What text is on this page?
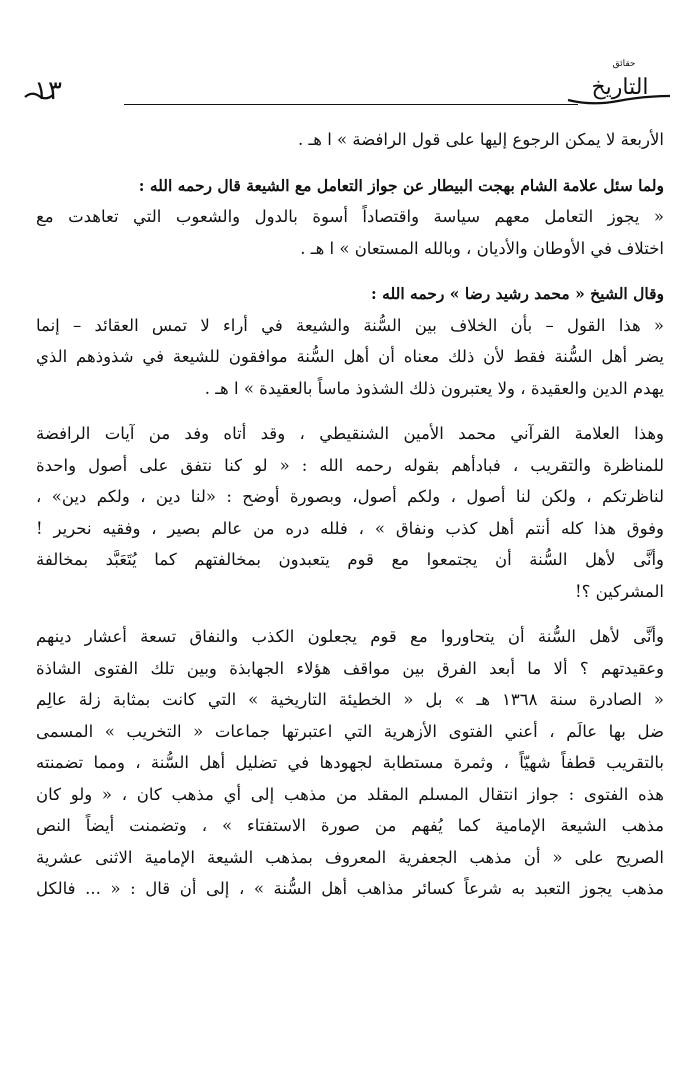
١٣
حقائق
التاريخ
الأربعة لا يمكن الرجوع إليها على قول الرافضة » ا هـ .
ولما سئل علامة الشام بهجت البيطار عن جواز التعامل مع الشيعة قال رحمه الله :
« يجوز التعامل معهم سياسة واقتصاداً أسوة بالدول والشعوب التي تعاهدت مع
اختلاف في الأوطان والأديان ، وبالله المستعان » ا هـ .
وقال الشيخ « محمد رشيد رضا » رحمه الله :
« هذا القول – بأن الخلاف بين السُّنة والشيعة في أراء لا تمس العقائد – إنما
يضر أهل السُّنة فقط لأن ذلك معناه أن أهل السُّنة موافقون للشيعة في شذوذهم الذي
يهدم الدين والعقيدة ، ولا يعتبرون ذلك الشذوذ ماساً بالعقيدة » ا هـ .
وهذا العلامة القرآني محمد الأمين الشنقيطي ، وقد أتاه وفد من آيات الرافضة
للمناظرة والتقريب ، فبادأهم بقوله رحمه الله : « لو كنا نتفق على أصول واحدة
لناظرتكم ، ولكن لنا أصول ، ولكم أصول، وبصورة أوضح : «لنا دين ، ولكم دين» ،
وفوق هذا كله أنتم أهل كذب ونفاق » ، فلله دره من عالم بصير ، وفقيه نحرير !
وأنَّى لأهل السُّنة أن يجتمعوا مع قوم يتعبدون بمخالفتهم كما يُتَعَبَّد بمخالفة
المشركين ؟!
وأنَّى لأهل السُّنة أن يتحاوروا مع قوم يجعلون الكذب والنفاق تسعة أعشار دينهم
وعقيدتهم ؟ ألا ما أبعد الفرق بين مواقف هؤلاء الجهابذة وبين تلك الفتوى الشاذة
« الصادرة سنة ١٣٦٨ هـ » بل « الخطيئة التاريخية » التي كانت بمثابة زلة عالِم
ضل بها عالَم ، أعني الفتوى الأزهرية التي اعتبرتها جماعات « التخريب » المسمى
بالتقريب قطفاً شهيّاً ، وثمرة مستطابة لجهودها في تضليل أهل السُّنة ، ومما تضمنته
هذه الفتوى : جواز انتقال المسلم المقلد من مذهب إلى أي مذهب كان ، « ولو كان
مذهب الشيعة الإمامية كما يُفهم من صورة الاستفتاء » ، وتضمنت أيضاً النص
الصريح على « أن مذهب الجعفرية المعروف بمذهب الشيعة الإمامية الاثنى عشرية
مذهب يجوز التعبد به شرعاً كسائر مذاهب أهل السُّنة » ، إلى أن قال : « ... فالكل
